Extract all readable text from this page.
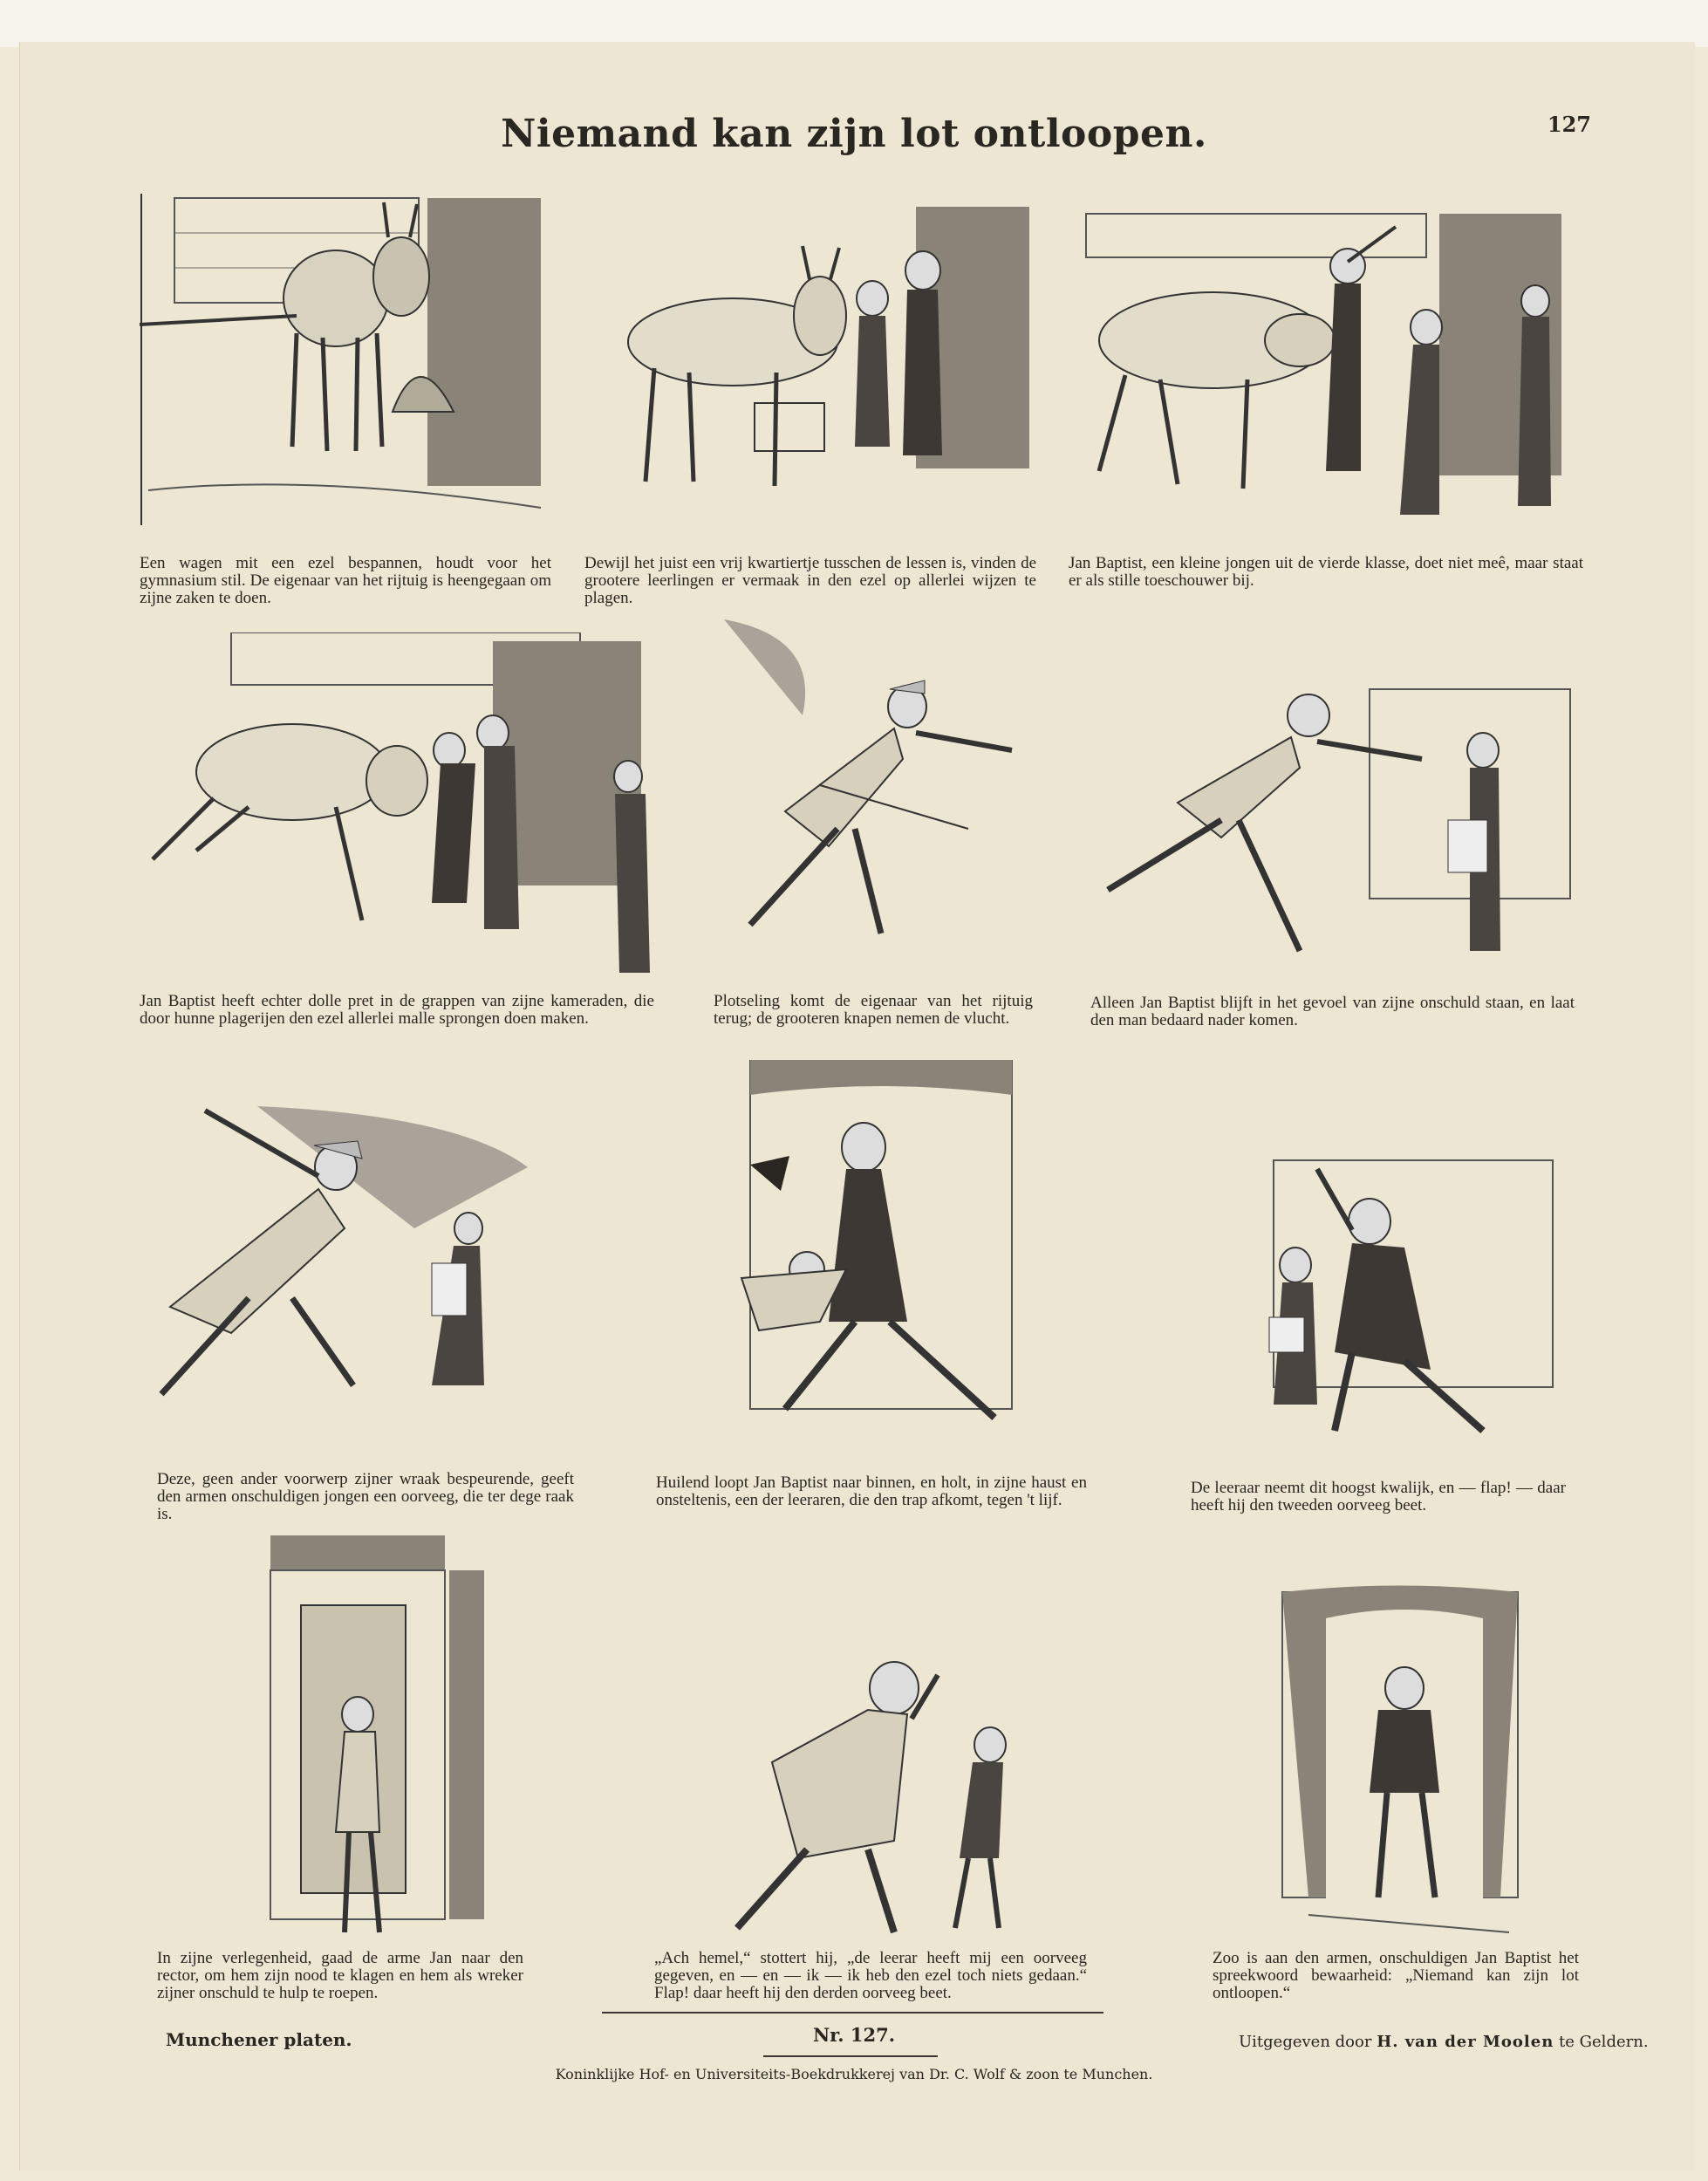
Niemand kan zijn lot ontloopen.	127
Een wagen mit een ezel bespannen, houdt voor het gymnasium stil. De eigenaar van het rijtuig is heengegaan om zijne zaken te doen.
Dewijl het juist een vrij kwartiertje tusschen de lessen is, vinden de grootere leerlingen er vermaak in den ezel op allerlei wijzen te plagen.
Jan Baptist, een kleine jongen uit de vierde klasse, doet niet meê, maar staat er als stille toeschouwer bij.
Jan Baptist heeft echter dolle pret in de grappen van zijne kameraden, die door hunne plagerijen den ezel allerlei malle sprongen doen maken.
Plotseling komt de eigenaar van het rijtuig terug; de grooteren knapen nemen de vlucht.
Alleen Jan Baptist blijft in het gevoel van zijne onschuld staan, en laat den man bedaard nader komen.
Deze, geen ander voorwerp zijner wraak bespeurende, geeft den armen onschuldigen jongen een oorveeg, die ter dege raak is.
Huilend loopt Jan Baptist naar binnen, en holt, in zijne haust en onsteltenis, een der leeraren, die den trap afkomt, tegen 't lijf.
De leeraar neemt dit hoogst kwalijk, en — flap! — daar heeft hij den tweeden oorveeg beet.
In zijne verlegenheid, gaad de arme Jan naar den rector, om hem zijn nood te klagen en hem als wreker zijner onschuld te hulp te roepen.
„Ach hemel,“ stottert hij, „de leerar heeft mij een oorveeg gegeven, en — en — ik — ik heb den ezel toch niets gedaan.“ Flap! daar heeft hij den derden oorveeg beet.
Zoo is aan den armen, onschuldigen Jan Baptist het spreekwoord bewaarheid: „Niemand kan zijn lot ontloopen.“
Munchener platen.	Nr. 127.	Uitgegeven door H. van der Moolen te Geldern.
Koninklijke Hof- en Universiteits-Boekdrukkerej van Dr. C. Wolf & zoon te Munchen.
